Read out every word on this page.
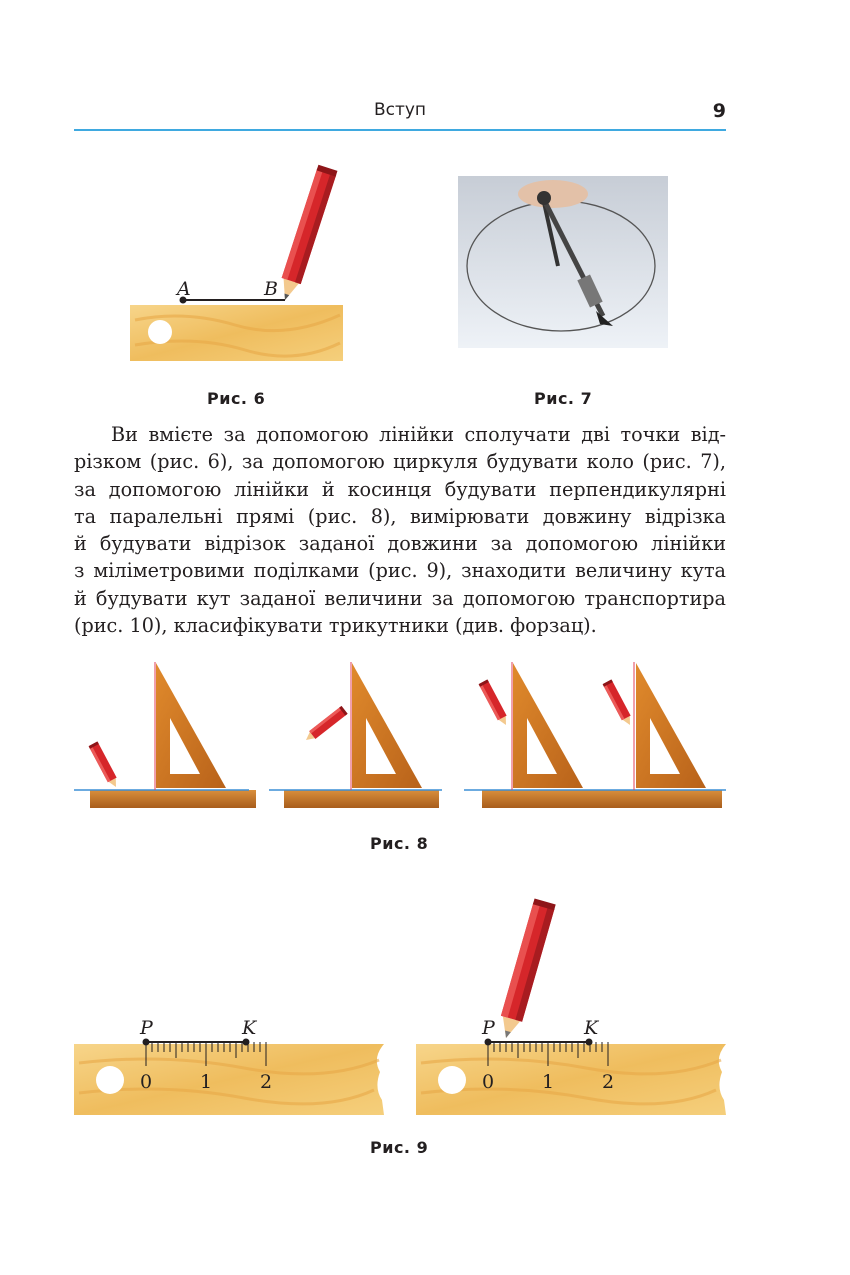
Вступ	9
A	B
Рис. 6	Рис. 7
Ви вмієте за допомогою лінійки сполучати дві точки від-
різком (рис. 6), за допомогою циркуля будувати коло (рис. 7),
за допомогою лінійки й косинця будувати перпендикулярні
та паралельні прямі (рис. 8), вимірювати довжину відрізка
й будувати відрізок заданої довжини за допомогою лінійки
з міліметровими поділками (рис. 9), знаходити величину кута
й будувати кут заданої величини за допомогою транспортира
(рис. 10), класифікувати трикутники (див. форзац).
Рис. 8
0	1	2
P	K
0	1	2
P	K
Рис. 9
